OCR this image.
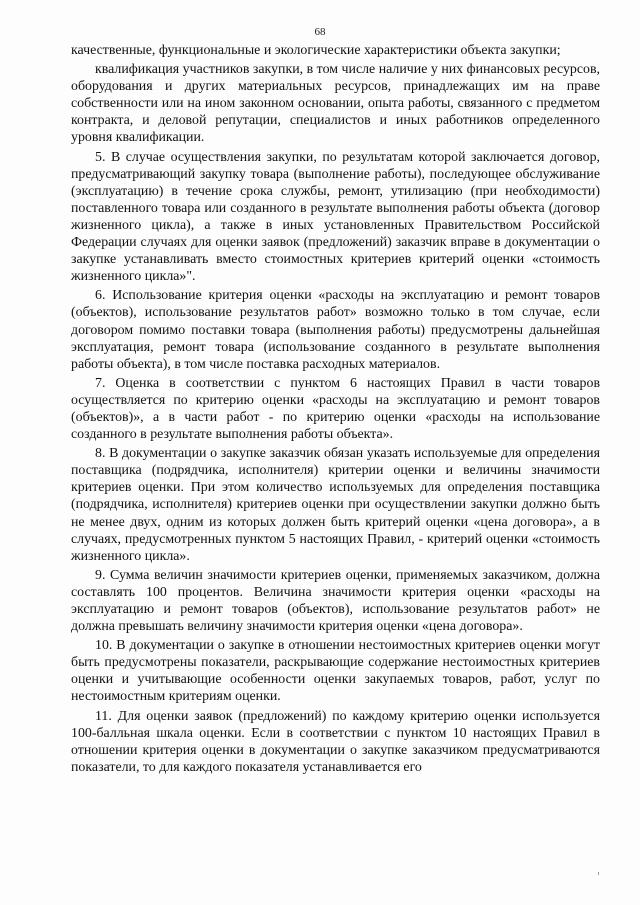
68

качественные, функциональные и экологические характеристики объекта закупки;

квалификация участников закупки, в том числе наличие у них финансовых ресурсов, оборудования и других материальных ресурсов, принадлежащих им на праве собственности или на ином законном основании, опыта работы, связанного с предметом контракта, и деловой репутации, специалистов и иных работников определенного уровня квалификации.

5. В случае осуществления закупки, по результатам которой заключается договор, предусматривающий закупку товара (выполнение работы), последующее обслуживание (эксплуатацию) в течение срока службы, ремонт, утилизацию (при необходимости) поставленного товара или созданного в результате выполнения работы объекта (договор жизненного цикла), а также в иных установленных Правительством Российской Федерации случаях для оценки заявок (предложений) заказчик вправе в документации о закупке устанавливать вместо стоимостных критериев критерий оценки «стоимость жизненного цикла»".

6. Использование критерия оценки «расходы на эксплуатацию и ремонт товаров (объектов), использование результатов работ» возможно только в том случае, если договором помимо поставки товара (выполнения работы) предусмотрены дальнейшая эксплуатация, ремонт товара (использование созданного в результате выполнения работы объекта), в том числе поставка расходных материалов.

7. Оценка в соответствии с пунктом 6 настоящих Правил в части товаров осуществляется по критерию оценки «расходы на эксплуатацию и ремонт товаров (объектов)», а в части работ - по критерию оценки «расходы на использование созданного в результате выполнения работы объекта».

8. В документации о закупке заказчик обязан указать используемые для определения поставщика (подрядчика, исполнителя) критерии оценки и величины значимости критериев оценки. При этом количество используемых для определения поставщика (подрядчика, исполнителя) критериев оценки при осуществлении закупки должно быть не менее двух, одним из которых должен быть критерий оценки «цена договора», а в случаях, предусмотренных пунктом 5 настоящих Правил, - критерий оценки «стоимость жизненного цикла».

9. Сумма величин значимости критериев оценки, применяемых заказчиком, должна составлять 100 процентов. Величина значимости критерия оценки «расходы на эксплуатацию и ремонт товаров (объектов), использование результатов работ» не должна превышать величину значимости критерия оценки «цена договора».

10. В документации о закупке в отношении нестоимостных критериев оценки могут быть предусмотрены показатели, раскрывающие содержание нестоимостных критериев оценки и учитывающие особенности оценки закупаемых товаров, работ, услуг по нестоимостным критериям оценки.

11. Для оценки заявок (предложений) по каждому критерию оценки используется 100-балльная шкала оценки. Если в соответствии с пунктом 10 настоящих Правил в отношении критерия оценки в документации о закупке заказчиком предусматриваются показатели, то для каждого показателя устанавливается его
